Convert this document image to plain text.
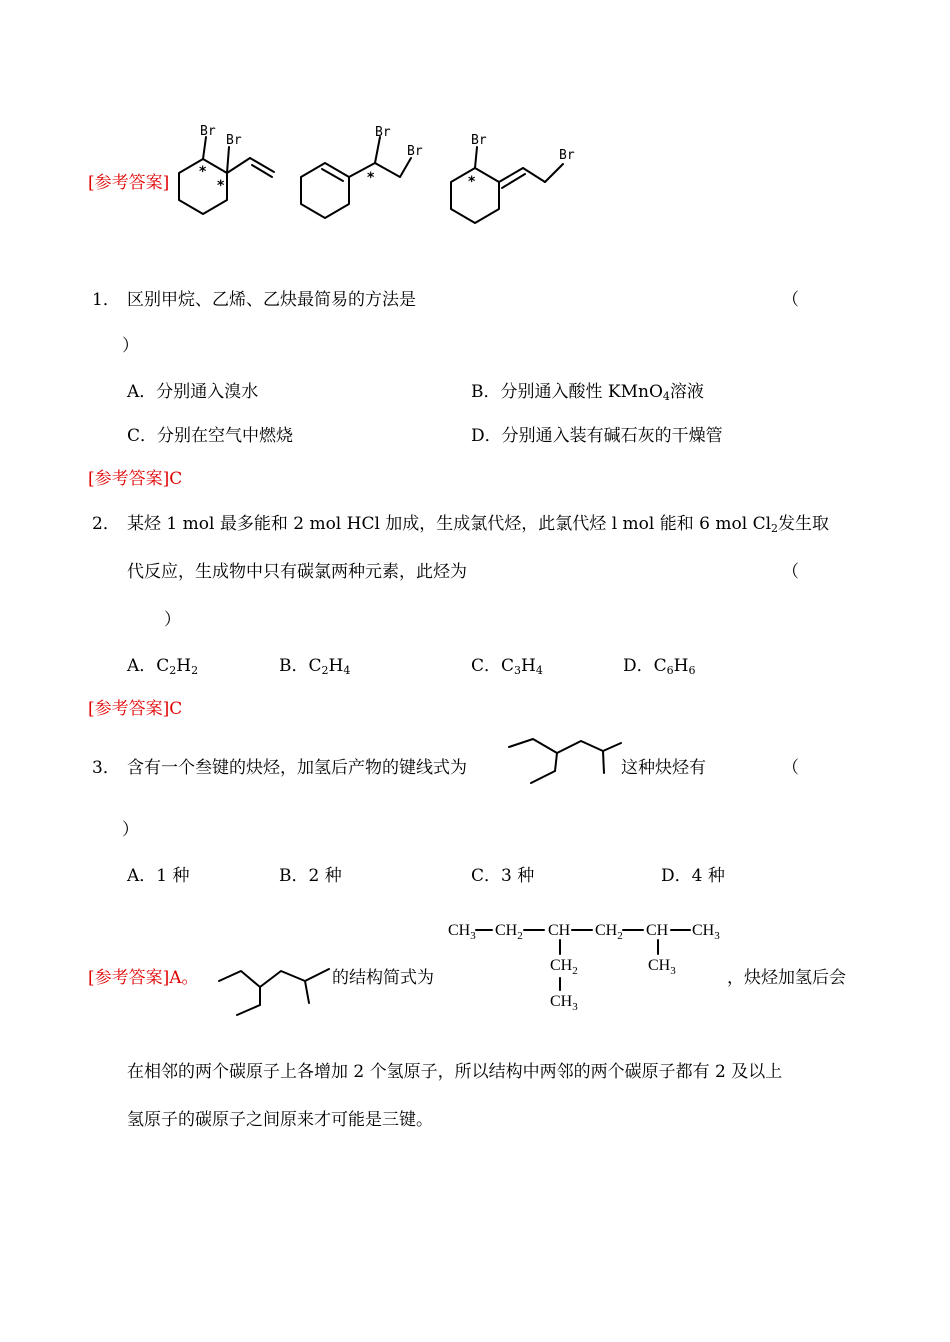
[参考答案]
Br
Br
*
*
Br
Br
*
Br
Br
*
1． 区别甲烷、乙烯、乙炔最简易的方法是	（
）
A．分别通入溴水	B．分别通入酸性 KMnO$_4$溶液
C．分别在空气中燃烧	D．分别通入装有碱石灰的干燥管
[参考答案]C
2． 某烃 1 mol 最多能和 2 mol HCl 加成，生成氯代烃，此氯代烃 l mol 能和 6 mol $Cl_2$发生取
代反应，生成物中只有碳氯两种元素，此烃为	（
）
A．$C_2H_2$	B．$C_2H_4$	C．$C_3H_4$	D．$C_6H_6$
[参考答案]C
3． 含有一个叁键的炔烃，加氢后产物的键线式为	这种炔烃有	（
）
A．1 种	B．2 种	C．3 种	D．4 种
$CH_3$ $CH_2$ CH $CH_2$ CH $CH_3$
$CH_2$
$CH_3$
$CH_3$
[参考答案]A。	的结构简式为	，炔烃加氢后会
在相邻的两个碳原子上各增加 2 个氢原子，所以结构中两邻的两个碳原子都有 2 及以上
氢原子的碳原子之间原来才可能是三键。
